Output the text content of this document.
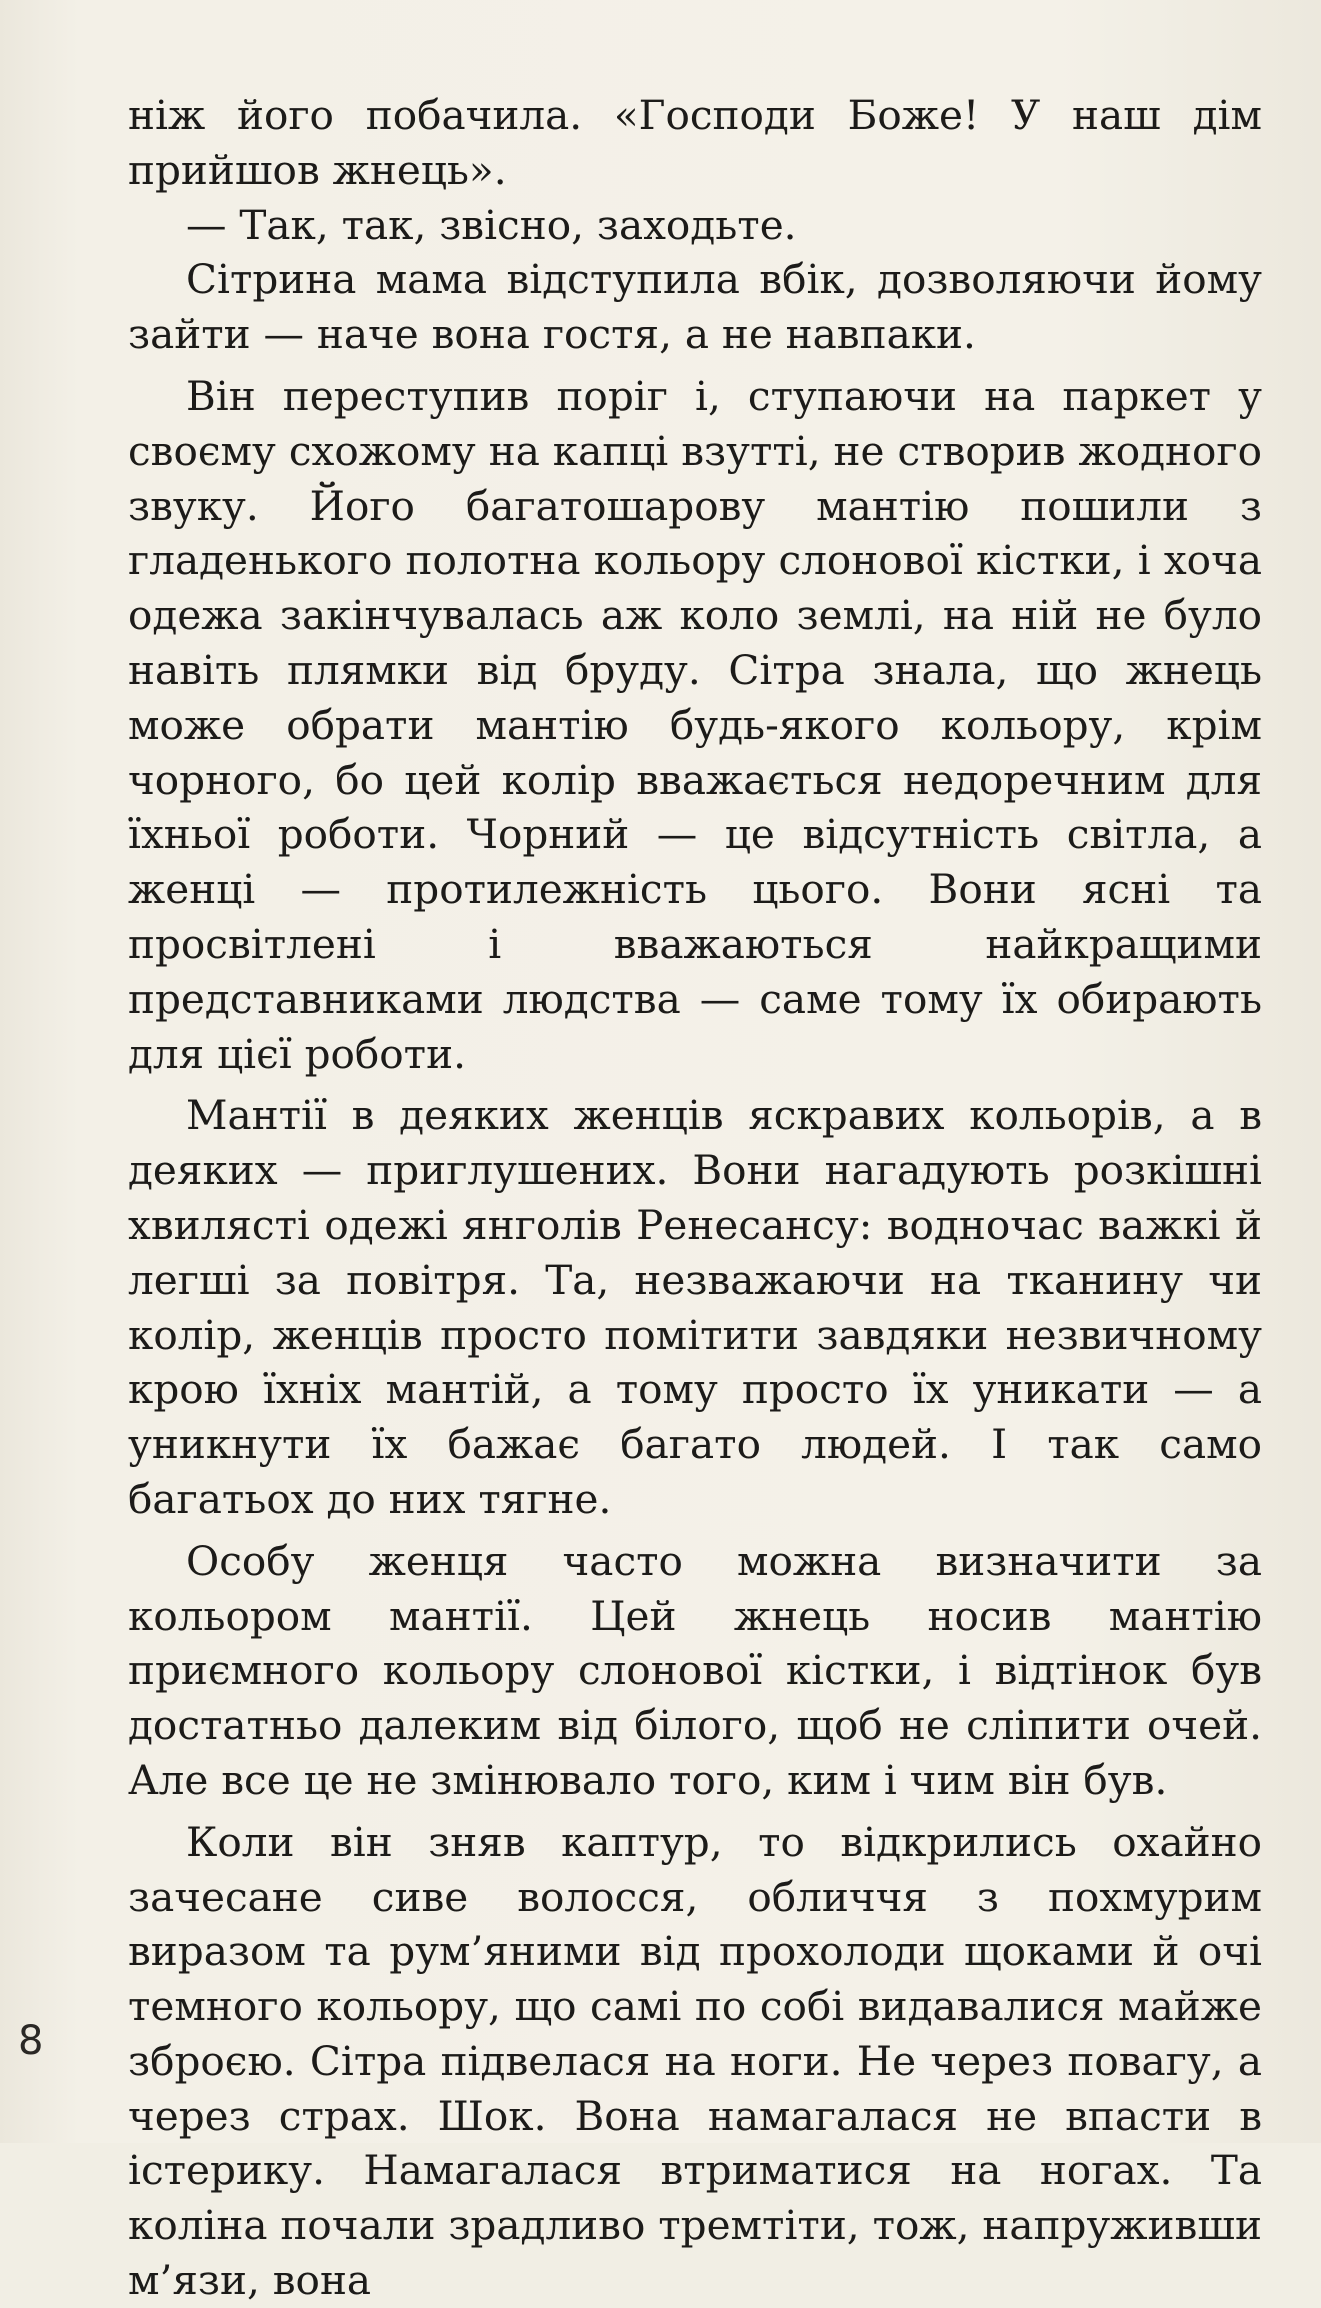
ніж його побачила. «Господи Боже! У наш дім прийшов жнець».

— Так, так, звісно, заходьте.

Сітрина мама відступила вбік, дозволяючи йому зайти — наче вона гостя, а не навпаки.

Він переступив поріг і, ступаючи на паркет у своєму схожому на капці взутті, не створив жодного звуку. Його багатошарову мантію пошили з гладенького полотна кольору слонової кістки, і хоча одежа закінчувалась аж коло землі, на ній не було навіть плямки від бруду. Сітра знала, що жнець може обрати мантію будь-якого кольору, крім чорного, бо цей колір вважається недоречним для їхньої роботи. Чорний — це відсутність світла, а женці — протилежність цього. Вони ясні та просвітлені і вважаються найкращими представниками людства — саме тому їх обирають для цієї роботи.

Мантії в деяких женців яскравих кольорів, а в деяких — приглушених. Вони нагадують розкішні хвилясті одежі янголів Ренесансу: водночас важкі й легші за повітря. Та, незважаючи на тканину чи колір, женців просто помітити завдяки незвичному крою їхніх мантій, а тому просто їх уникати — а уникнути їх бажає багато людей. І так само багатьох до них тягне.

Особу женця часто можна визначити за кольором мантії. Цей жнець носив мантію приємного кольору слонової кістки, і відтінок був достатньо далеким від білого, щоб не сліпити очей. Але все це не змінювало того, ким і чим він був.

Коли він зняв каптур, то відкрились охайно зачесане сиве волосся, обличчя з похмурим виразом та рум’яними від прохолоди щоками й очі темного кольору, що самі по собі видавалися майже зброєю. Сітра підвелася на ноги. Не через повагу, а через страх. Шок. Вона намагалася не впасти в істерику. Намагалася втриматися на ногах. Та коліна почали зрадливо тремтіти, тож, напруживши м’язи, вона

8
